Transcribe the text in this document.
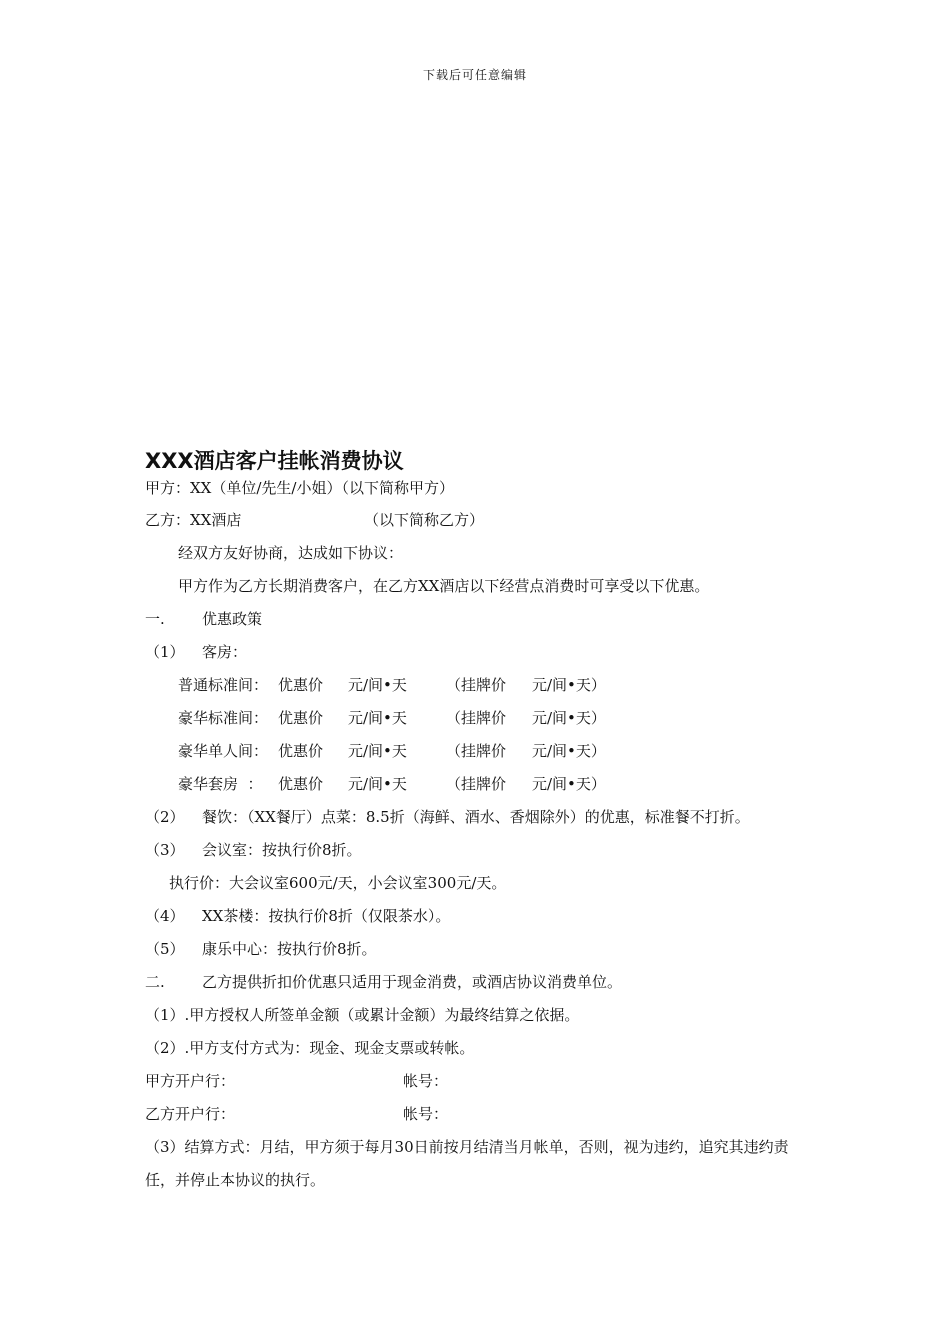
下载后可任意编辑
XXX酒店客户挂帐消费协议
甲方：XX（单位/先生/小姐）（以下简称甲方）
乙方：XX酒店	（以下简称乙方）
经双方友好协商，达成如下协议：
甲方作为乙方长期消费客户，在乙方XX酒店以下经营点消费时可享受以下优惠。
一. 优惠政策
（1） 客房：
普通标准间： 优惠价 元/间•天	（挂牌价 元/间•天）
豪华标准间： 优惠价 元/间•天	（挂牌价 元/间•天）
豪华单人间： 优惠价 元/间•天	（挂牌价 元/间•天）
豪华套房  ： 优惠价 元/间•天	（挂牌价 元/间•天）
（2） 餐饮：（XX餐厅）点菜：8.5折（海鲜、酒水、香烟除外）的优惠，标准餐不打折。
（3） 会议室：按执行价8折。
执行价：大会议室600元/天，小会议室300元/天。
（4） XX茶楼：按执行价8折（仅限茶水）。
（5） 康乐中心：按执行价8折。
二. 乙方提供折扣价优惠只适用于现金消费，或酒店协议消费单位。
（1）.甲方授权人所签单金额（或累计金额）为最终结算之依据。
（2）.甲方支付方式为：现金、现金支票或转帐。
甲方开户行：	帐号：
乙方开户行：	帐号：
（3）结算方式：月结，甲方须于每月30日前按月结清当月帐单，否则，视为违约，追究其违约责任，并停止本协议的执行。
